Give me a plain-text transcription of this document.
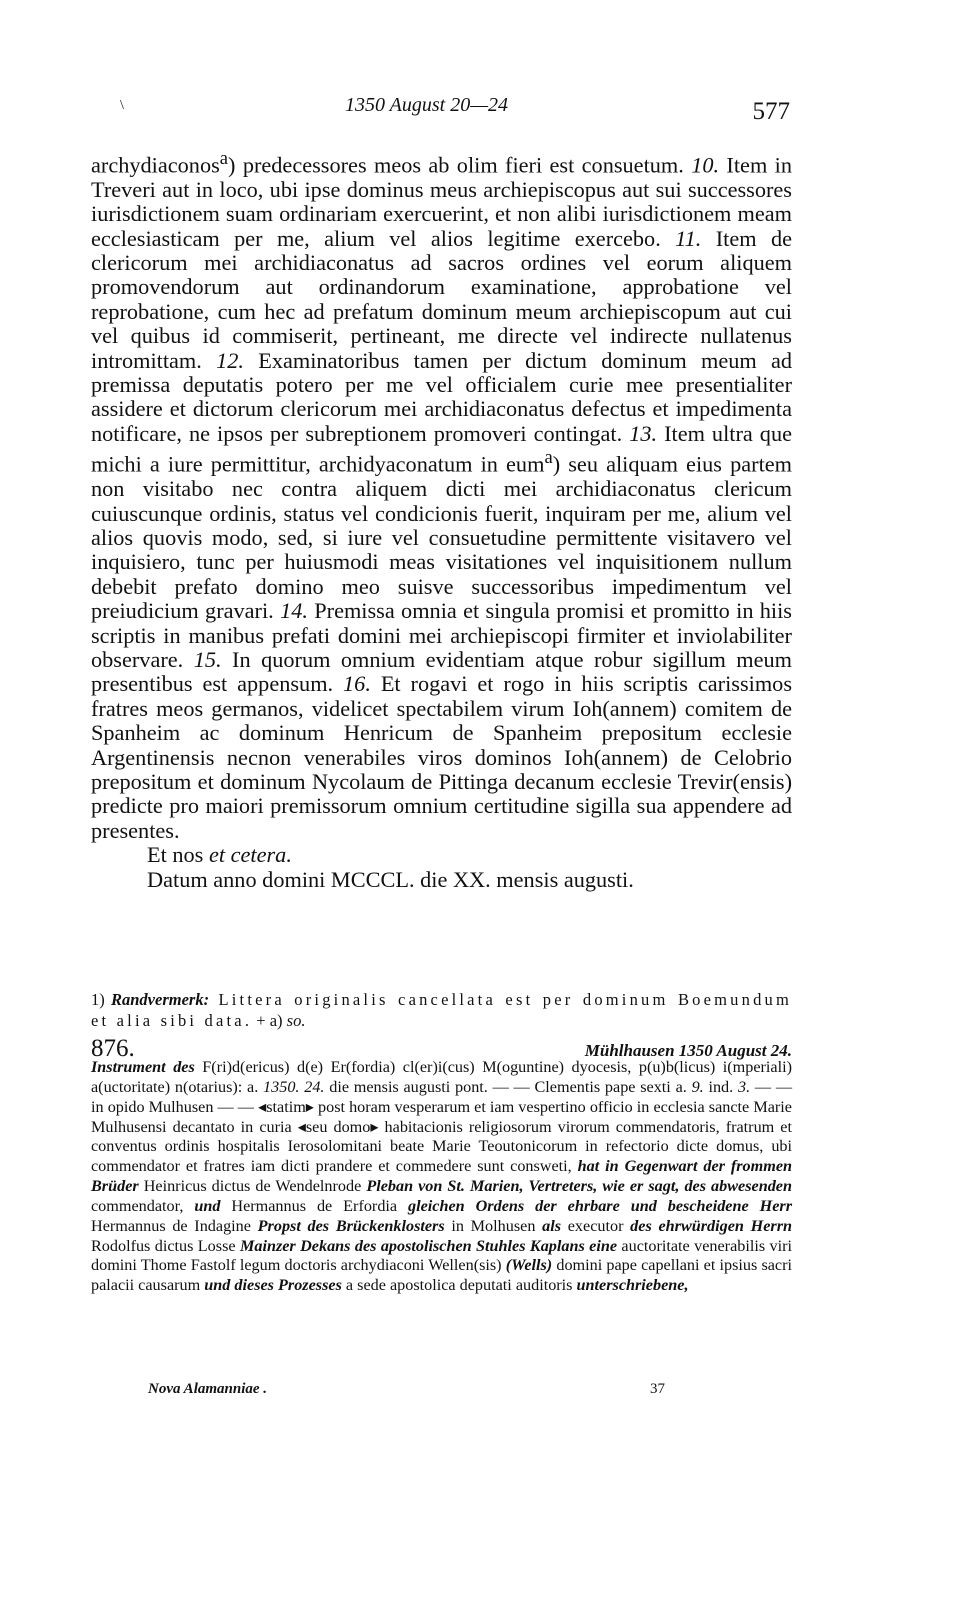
\	1350 August 20—24	577

archydiaconos$^a$) predecessores meos ab olim fieri est consuetum. 10. Item in Treveri aut in loco, ubi ipse dominus meus archiepiscopus aut sui successores iurisdictionem suam ordinariam exercuerint, et non alibi iurisdictionem meam ecclesiasticam per me, alium vel alios legitime exercebo. 11. Item de clericorum mei archidiaconatus ad sacros ordines vel eorum aliquem promovendorum aut ordinandorum examinatione, approbatione vel reprobatione, cum hec ad prefatum dominum meum archiepiscopum aut cui vel quibus id commiserit, pertineant, me directe vel indirecte nullatenus intromittam. 12. Examinatoribus tamen per dictum dominum meum ad premissa deputatis potero per me vel officialem curie mee presentialiter assidere et dictorum clericorum mei archidiaconatus defectus et impedimenta notificare, ne ipsos per subreptionem promoveri contingat. 13. Item ultra que michi a iure permittitur, archidyaconatum in eum$^a$) seu aliquam eius partem non visitabo nec contra aliquem dicti mei archidiaconatus clericum cuiuscunque ordinis, status vel condicionis fuerit, inquiram per me, alium vel alios quovis modo, sed, si iure vel consuetudine permittente visitavero vel inquisiero, tunc per huiusmodi meas visitationes vel inquisitionem nullum debebit prefato domino meo suisve successoribus impedimentum vel preiudicium gravari. 14. Premissa omnia et singula promisi et promitto in hiis scriptis in manibus prefati domini mei archiepiscopi firmiter et inviolabiliter observare. 15. In quorum omnium evidentiam atque robur sigillum meum presentibus est appensum. 16. Et rogavi et rogo in hiis scriptis carissimos fratres meos germanos, videlicet spectabilem virum Ioh(annem) comitem de Spanheim ac dominum Henricum de Spanheim prepositum ecclesie Argentinensis necnon venerabiles viros dominos Ioh(annem) de Celobrio prepositum et dominum Nycolaum de Pittinga decanum ecclesie Trevir(ensis) predicte pro maiori premissorum omnium certitudine sigilla sua appendere ad presentes.

Et nos et cetera.

Datum anno domini MCCCL. die XX. mensis augusti.

1) Randvermerk: Littera originalis cancellata est per dominum Boemundum et alia sibi data. + a) so.
876.	Mühlhausen 1350 August 24.
Instrument des F(ri)d(ericus) d(e) Er(fordia) cl(er)i(cus) M(oguntine) dyocesis, p(u)b(licus) i(mperiali) a(uctoritate) n(otarius): a. 1350. 24. die mensis augusti pont. — — Clementis pape sexti a. 9. ind. 3. — — in opido Mulhusen — — ◂statim▸ post horam vesperarum et iam vespertino officio in ecclesia sancte Marie Mulhusensi decantato in curia ◂seu domo▸ habitacionis religiosorum virorum commendatoris, fratrum et conventus ordinis hospitalis Ierosolomitani beate Marie Teoutonicorum in refectorio dicte domus, ubi commendator et fratres iam dicti prandere et commedere sunt consweti, hat in Gegenwart der frommen Brüder Heinricus dictus de Wendelnrode Pleban von St. Marien, Vertreters, wie er sagt, des abwesenden commendator, und Hermannus de Erfordia gleichen Ordens der ehrbare und bescheidene Herr Hermannus de Indagine Propst des Brückenklosters in Molhusen als executor des ehrwürdigen Herrn Rodolfus dictus Losse Mainzer Dekans des apostolischen Stuhles Kaplans eine auctoritate venerabilis viri domini Thome Fastolf legum doctoris archydiaconi Wellen(sis) (Wells) domini pape capellani et ipsius sacri palacii causarum und dieses Prozesses a sede apostolica deputati auditoris unterschriebene,
Nova Alamanniae .	37
